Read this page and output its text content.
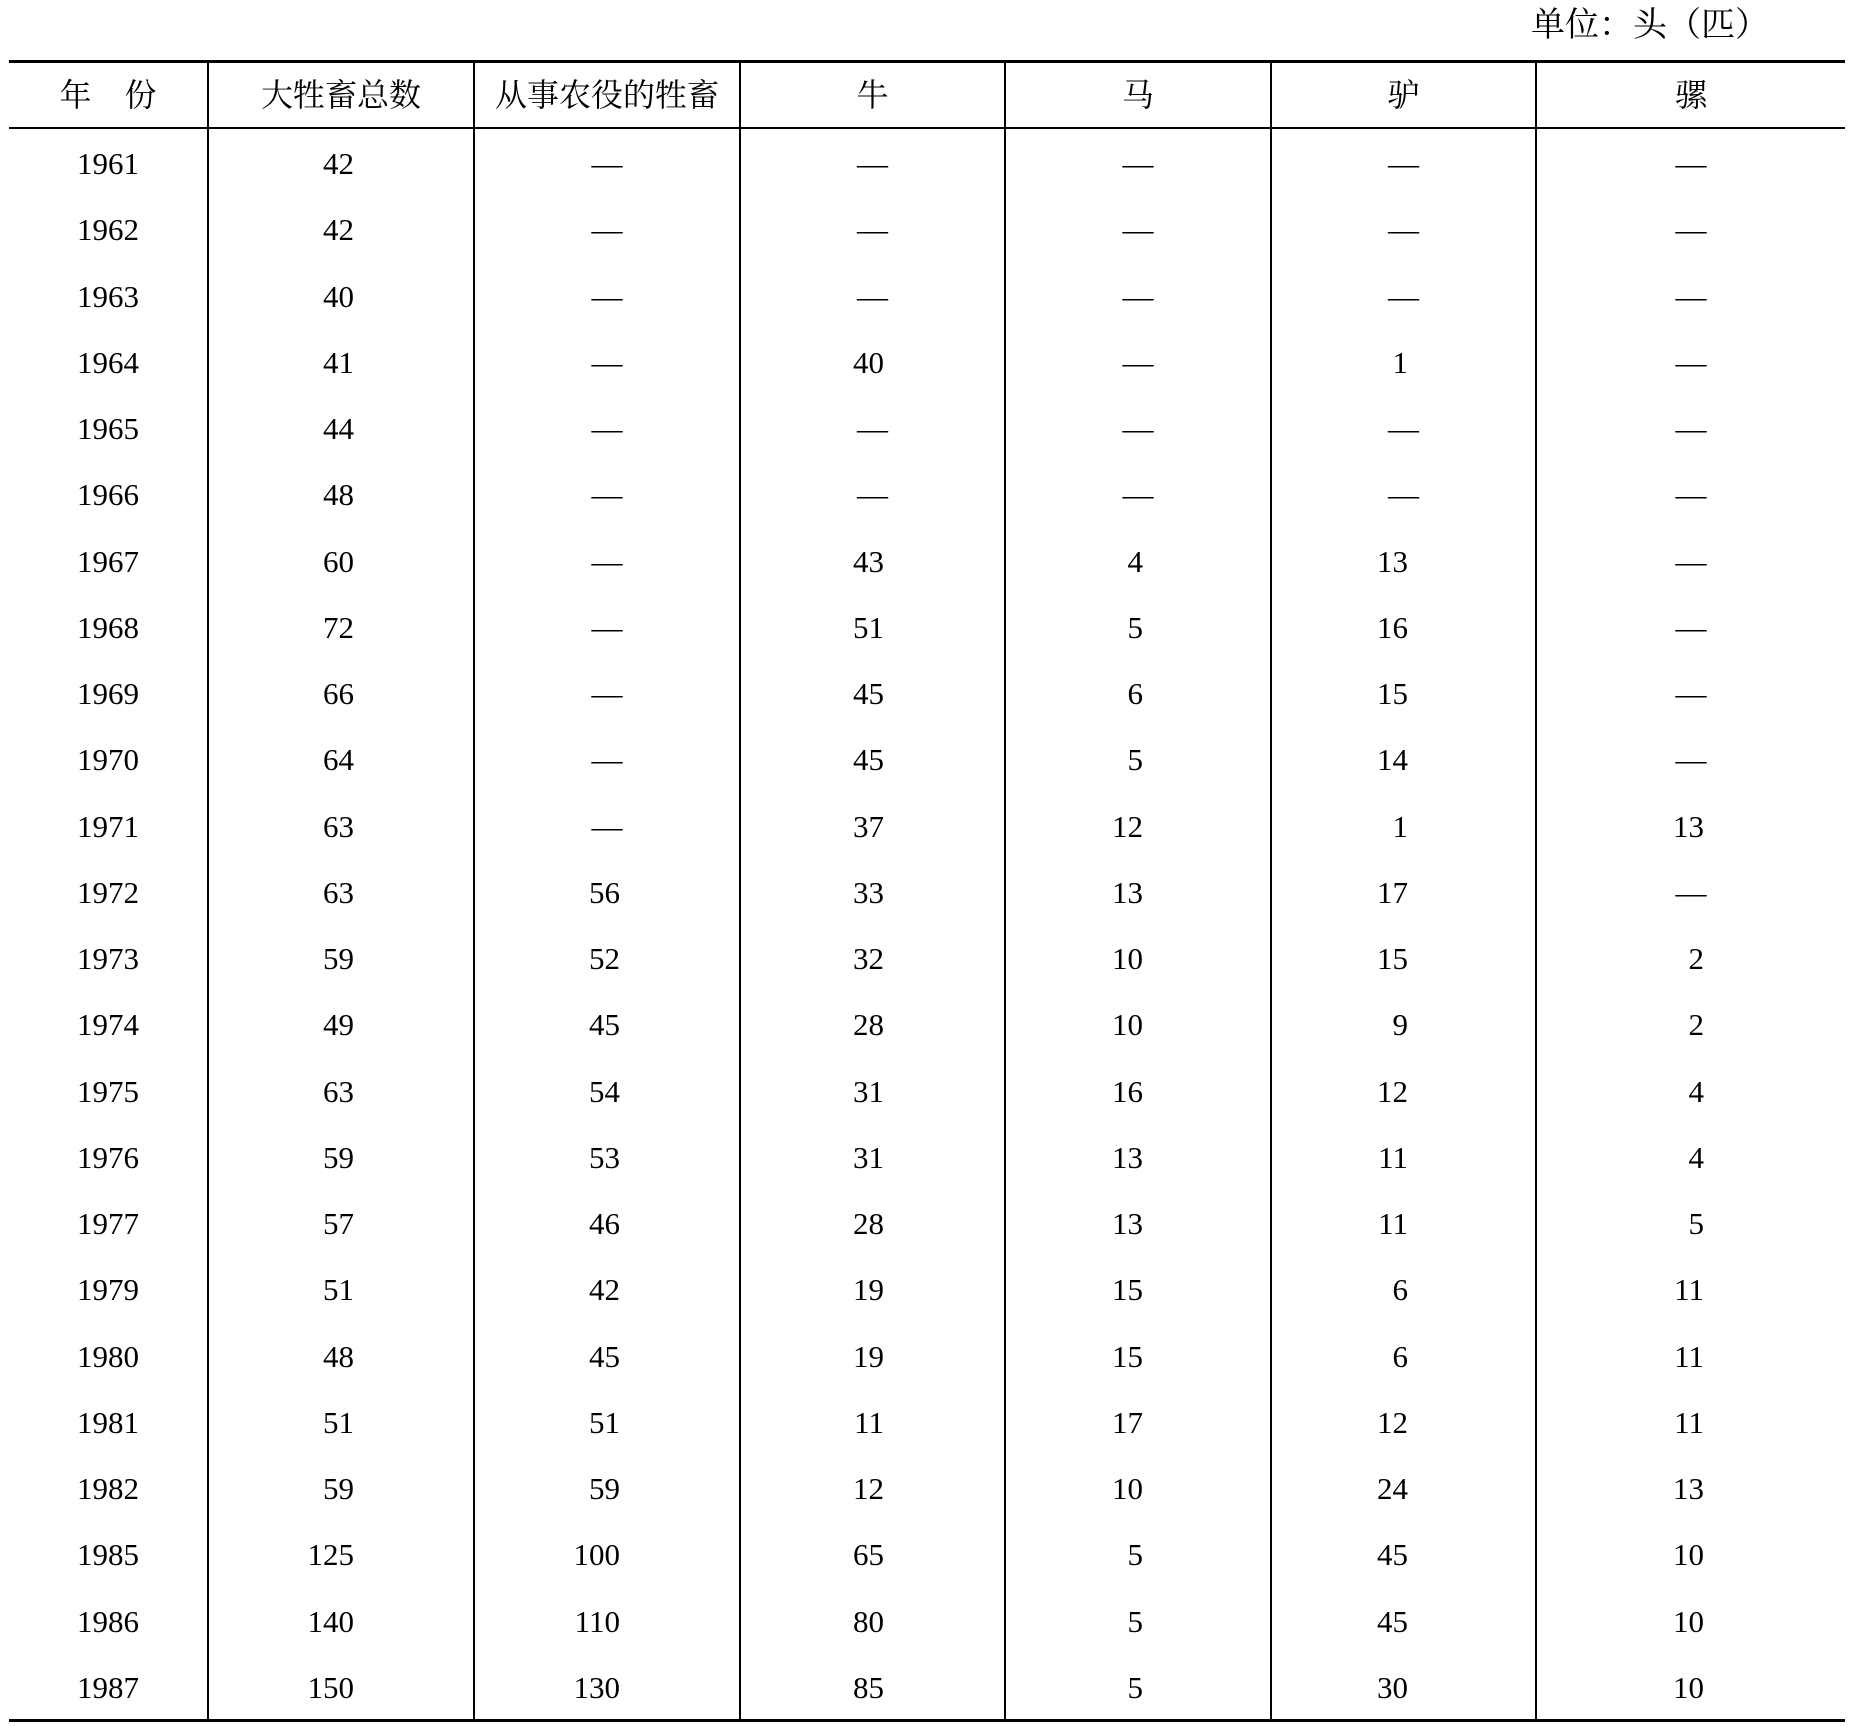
单位：头（匹）
年 份	大牲畜总数	从事农役的牲畜	牛	马	驴	骡
1961	42	—	—	—	—	—
1962	42	—	—	—	—	—
1963	40	—	—	—	—	—
1964	41	—	40	—	1	—
1965	44	—	—	—	—	—
1966	48	—	—	—	—	—
1967	60	—	43	4	13	—
1968	72	—	51	5	16	—
1969	66	—	45	6	15	—
1970	64	—	45	5	14	—
1971	63	—	37	12	1	13
1972	63	56	33	13	17	—
1973	59	52	32	10	15	2
1974	49	45	28	10	9	2
1975	63	54	31	16	12	4
1976	59	53	31	13	11	4
1977	57	46	28	13	11	5
1979	51	42	19	15	6	11
1980	48	45	19	15	6	11
1981	51	51	11	17	12	11
1982	59	59	12	10	24	13
1985	125	100	65	5	45	10
1986	140	110	80	5	45	10
1987	150	130	85	5	30	10
